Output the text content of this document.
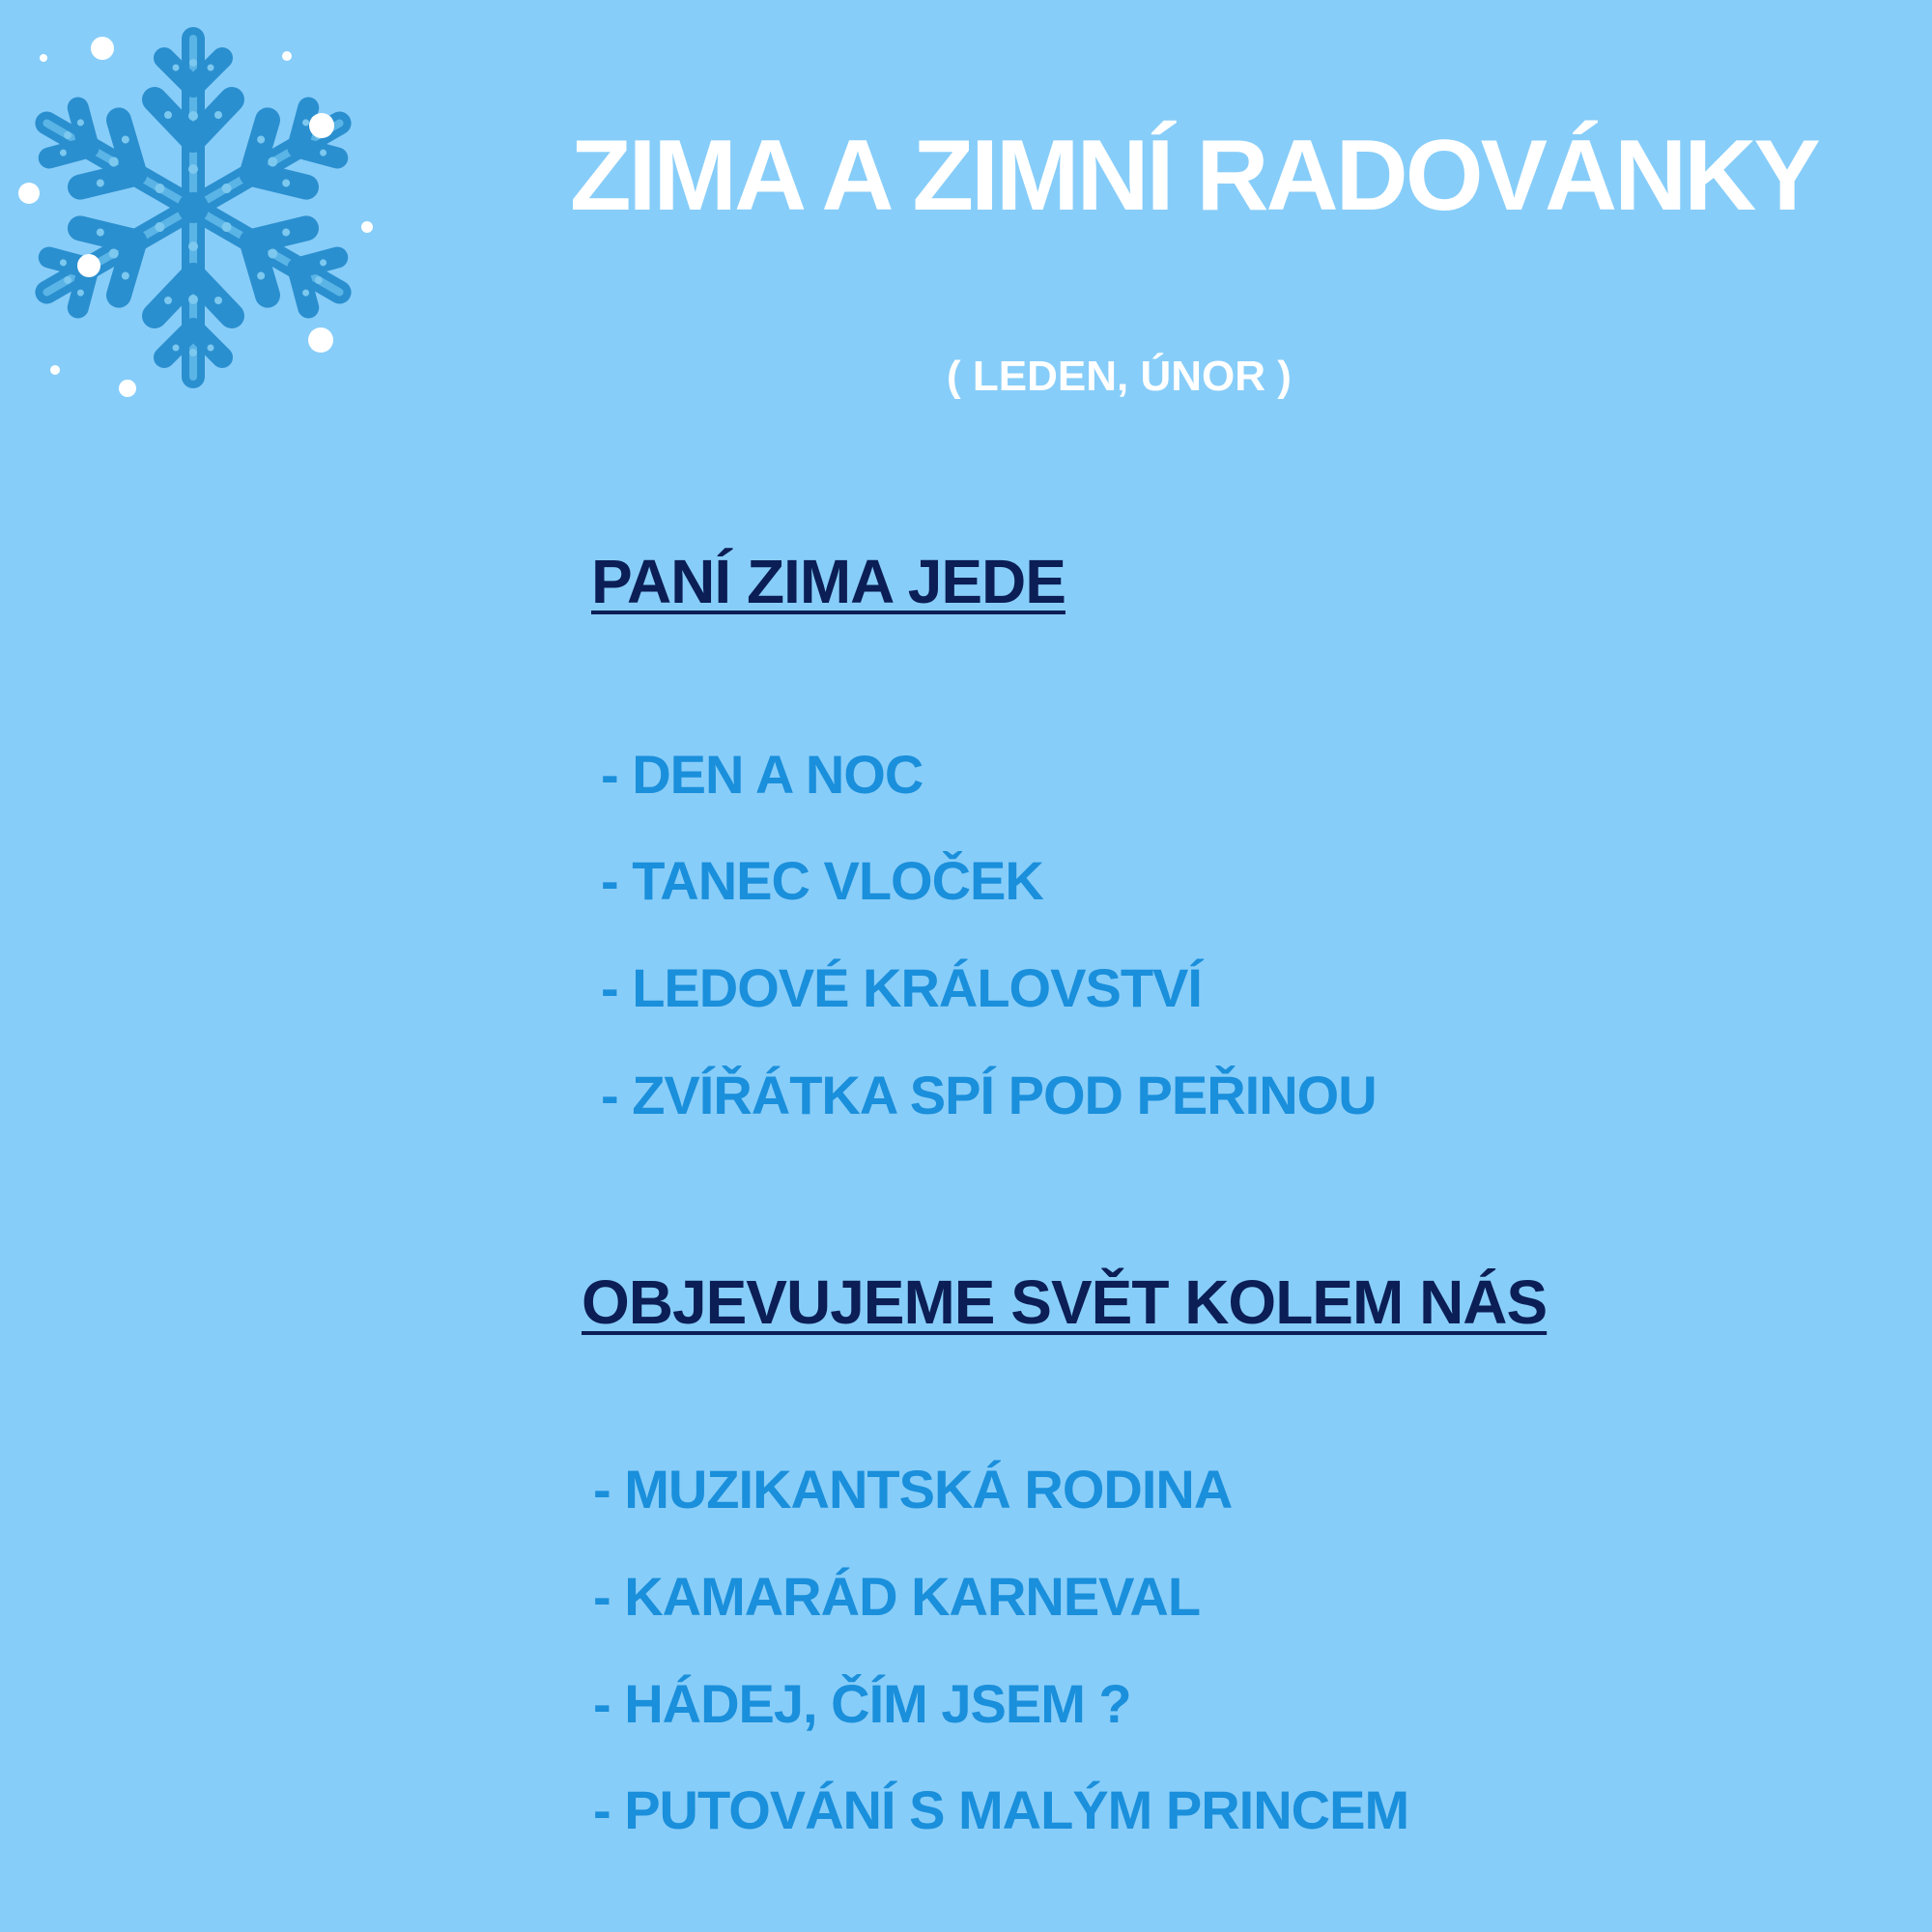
ZIMA A ZIMNÍ RADOVÁNKY
( LEDEN, ÚNOR )
PANÍ ZIMA JEDE
- DEN A NOC
- TANEC VLOČEK
- LEDOVÉ KRÁLOVSTVÍ
- ZVÍŘÁTKA SPÍ POD PEŘINOU
OBJEVUJEME SVĚT KOLEM NÁS
- MUZIKANTSKÁ RODINA
- KAMARÁD KARNEVAL
- HÁDEJ, ČÍM JSEM ?
- PUTOVÁNÍ S MALÝM PRINCEM
